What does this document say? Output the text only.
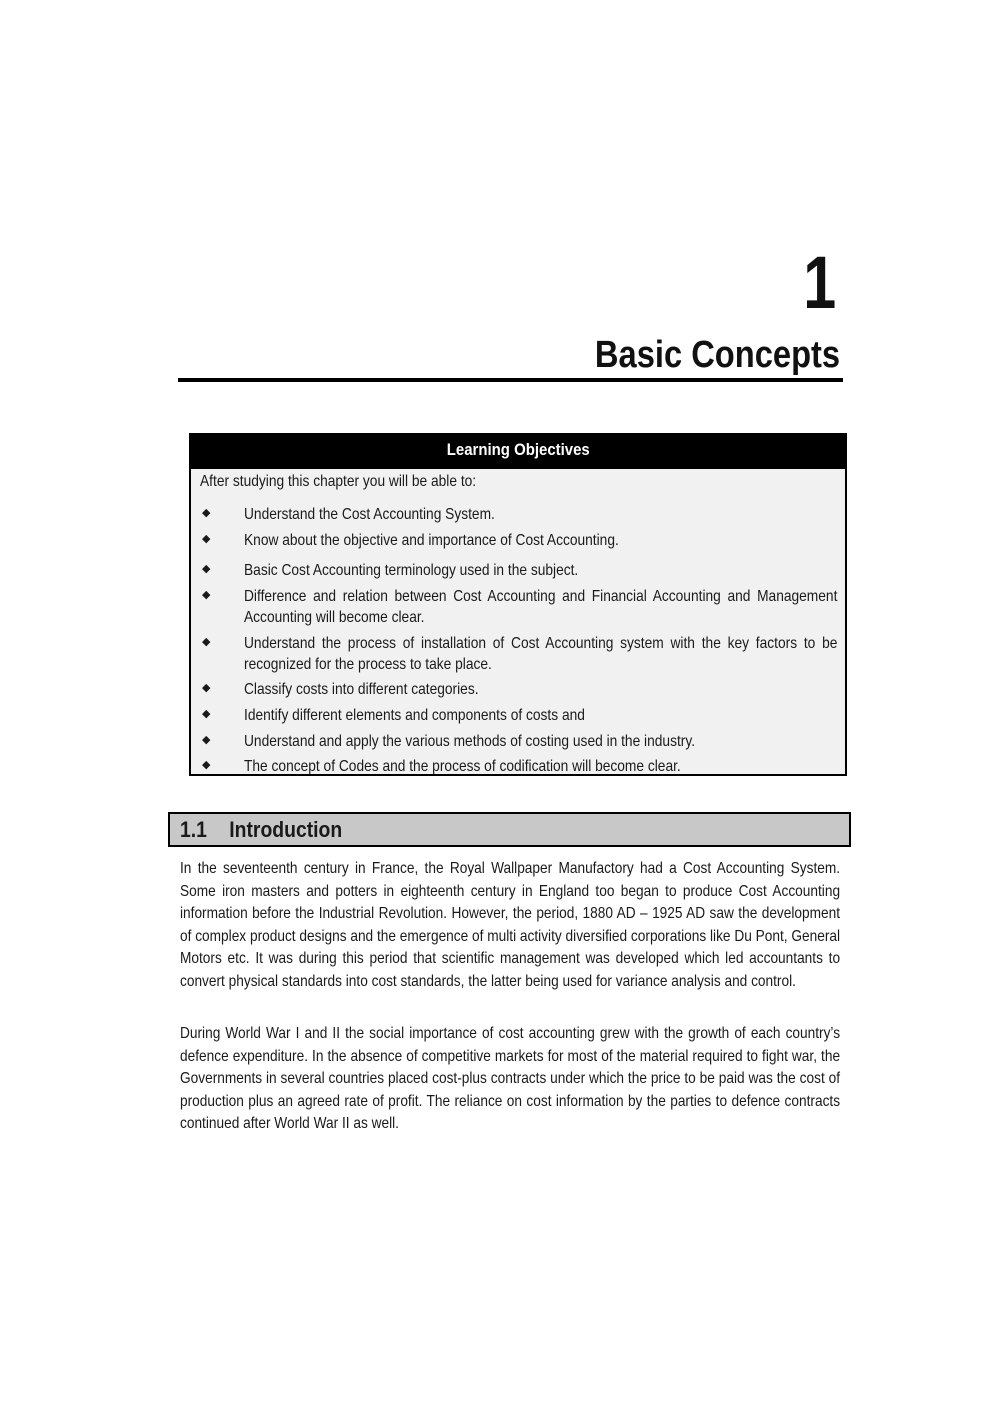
1
Basic Concepts
Learning Objectives
After studying this chapter you will be able to:
◆ Understand the Cost Accounting System.
◆ Know about the objective and importance of Cost Accounting.
◆ Basic Cost Accounting terminology used in the subject.
◆ Difference and relation between Cost Accounting and Financial Accounting and Management Accounting will become clear.
◆ Understand the process of installation of Cost Accounting system with the key factors to be recognized for the process to take place.
◆ Classify costs into different categories.
◆ Identify different elements and components of costs and
◆ Understand and apply the various methods of costing used in the industry.
◆ The concept of Codes and the process of codification will become clear.
1.1 Introduction
In the seventeenth century in France, the Royal Wallpaper Manufactory had a Cost Accounting System. Some iron masters and potters in eighteenth century in England too began to produce Cost Accounting information before the Industrial Revolution. However, the period, 1880 AD – 1925 AD saw the development of complex product designs and the emergence of multi activity diversified corporations like Du Pont, General Motors etc. It was during this period that scientific management was developed which led accountants to convert physical standards into cost standards, the latter being used for variance analysis and control.
During World War I and II the social importance of cost accounting grew with the growth of each country’s defence expenditure. In the absence of competitive markets for most of the material required to fight war, the Governments in several countries placed cost-plus contracts under which the price to be paid was the cost of production plus an agreed rate of profit. The reliance on cost information by the parties to defence contracts continued after World War II as well.
